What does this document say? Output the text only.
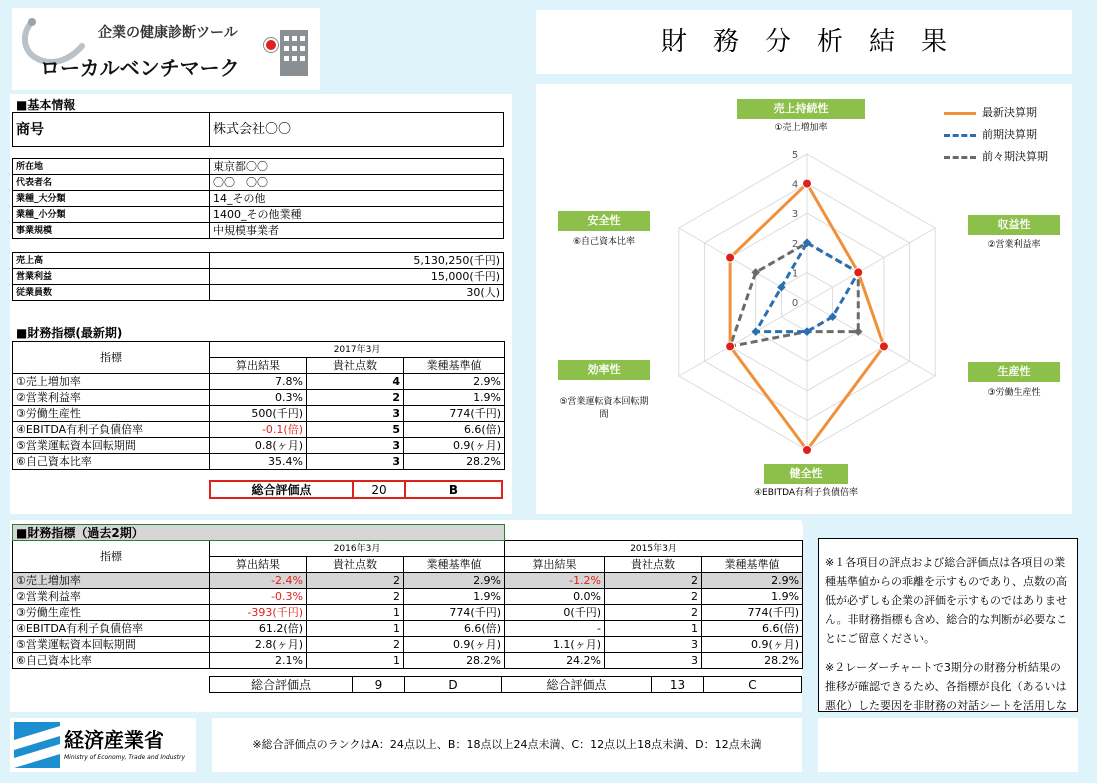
企業の健康診断ツール
ローカルベンチマーク
財　務　分　析　結　果
■基本情報
商号	株式会社〇〇
所在地	東京都〇〇
代表者名	〇〇　〇〇
業種_大分類	14_その他
業種_小分類	1400_その他業種
事業規模	中規模事業者
売上高	5,130,250(千円)
営業利益	15,000(千円)
従業員数	30(人)
■財務指標(最新期)
指標	2017年3月		
	算出結果	貴社点数	業種基準値
①売上増加率	7.8%	4	2.9%
②営業利益率	0.3%	2	1.9%
③労働生産性	500(千円)	3	774(千円)
④EBITDA有利子負債倍率	-0.1(倍)	5	6.6(倍)
⑤営業運転資本回転期間	0.8(ヶ月)	3	0.9(ヶ月)
⑥自己資本比率	35.4%	3	28.2%
総合評価点	20	B
0
1
2
3
4
5
売上持続性
①売上増加率
収益性
②営業利益率
生産性
③労働生産性
健全性
④EBITDA有利子負債倍率
効率性
⑤営業運転資本回転期間
安全性
⑥自己資本比率
最新決算期
前期決算期
前々期決算期
■財務指標（過去2期）						
指標	2016年3月			2015年3月		
	算出結果	貴社点数	業種基準値	算出結果	貴社点数	業種基準値
①売上増加率	-2.4%	2	2.9%	-1.2%	2	2.9%
②営業利益率	-0.3%	2	1.9%	0.0%	2	1.9%
③労働生産性	-393(千円)	1	774(千円)	0(千円)	2	774(千円)
④EBITDA有利子負債倍率	61.2(倍)	1	6.6(倍)	-	1	6.6(倍)
⑤営業運転資本回転期間	2.8(ヶ月)	2	0.9(ヶ月)	1.1(ヶ月)	3	0.9(ヶ月)
⑥自己資本比率	2.1%	1	28.2%	24.2%	3	28.2%
総合評価点	9	D	総合評価点	13	C
※１各項目の評点および総合評価点は各項目の業種基準値からの乖離を示すものであり、点数の高低が必ずしも企業の評価を示すものではありません。非財務指標も含め、総合的な判断が必要なことにご留意ください。
※２レーダーチャートで3期分の財務分析結果の推移が確認できるため、各指標が良化（あるいは悪化）した要因を非財務の対話シートを活用しな
経済産業省
Ministry of Economy, Trade and Industry
※総合評価点のランクはA：24点以上、B：18点以上24点未満、C：12点以上18点未満、D：12点未満
